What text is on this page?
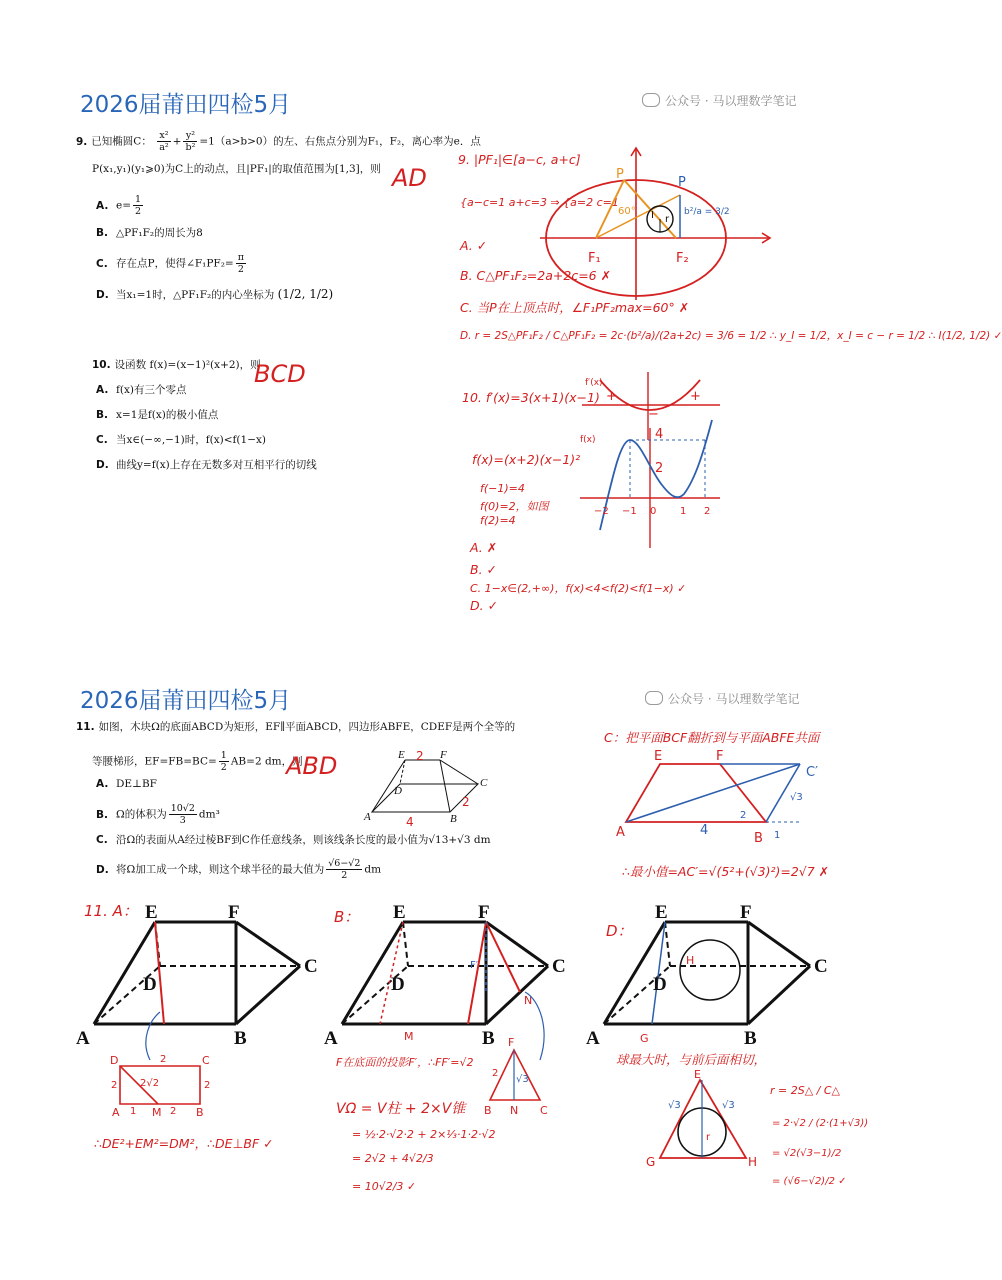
2026届莆田四检5月	公众号 · 马以理数学笔记
9. 已知椭圆C： $\frac{\text{x²}}{\text{a²}} + \frac{\text{y²}}{\text{b²}} =1(a>b>0)$的左、右焦点分别为F₁，F₂，离心率为e．点
P(x₁,y₁)(y₁⩾0)为C上的动点，且|PF₁|的取值范围为[1,3]，则
A. $e= \frac{1}{2}$
B. △PF₁F₂的周长为8
C. 存在点P，使得∠F₁PF₂= $\frac{\pi}{2}$
D. 当x₁=1时，△PF₁F₂的内心坐标为 (1/2, 1/2)
AD
9. |PF₁|∈[a−c, a+c]
{a−c=1 a+c=3 ⇒ {a=2 c=1
A. ✓
B. C△PF₁F₂=2a+2c=6 ✗
C. 当P在上顶点时，∠F₁PF₂max=60° ✗
D. r = 2S△PF₁F₂ / C△PF₁F₂ = 2c·(b²/a)/(2a+2c) = 3/6 = 1/2 ∴ y_I = 1/2，x_I = c − r = 1/2 ∴ I(1/2, 1/2) ✓
F₁	F₂
P
P
60°	b²/a = 3/2
I r
10. 设函数 f(x)=(x−1)²(x+2)，则
A. f(x)有三个零点
B. x=1是f(x)的极小值点
C. 当x∈(−∞,−1)时，f(x)<f(1−x)
D. 曲线y=f(x)上存在无数多对互相平行的切线
BCD
10. f′(x)=3(x+1)(x−1)
f(x)=(x+2)(x−1)²
f(−1)=4
f(0)=2，如图
f(2)=4
A. ✗
B. ✓
C. 1−x∈(2,+∞)，f(x)<4<f(2)<f(1−x) ✓
D. ✓
f′(x)
+
−
+
f(x)	4
2
−2 −1 0 1 2
2026届莆田四检5月	公众号 · 马以理数学笔记
11. 如图，木块Ω的底面ABCD为矩形，EF∥平面ABCD，四边形ABFE，CDEF是两个全等的
等腰梯形，$EF=FB=BC= \frac{1}{2} AB=2$ dm，则
A. DE⊥BF
B. Ω的体积为 $\frac{10√2}{3} dm^3$
C. 沿Ω的表面从A经过棱BF到C作任意线条，则该线条长度的最小值为√13+√3 dm
D. 将Ω加工成一个球，则这个球半径的最大值为 $\frac{√6-√2}{2}$ dm
ABD	E	F
D
C
A	B
2
2
4
C：把平面BCF翻折到与平面ABFE共面
E	F
A	B
C′
4	1
√3
2
∴最小值=AC′=√(5²+(√3)²)=2√7 ✗
E	F
D
C
A	B
E	F
D
C
A	B
M
N
F′
E	F
D
C
A	B
G
H
11. A：	B：
D：
D	C
A	M	B
2
1	2
2√2	2
2
∴DE²+EM²=DM²，∴DE⊥BF ✓
F在底面的投影F′，∴FF′=√2
VΩ = V柱 + 2×V锥
= ½·2·√2·2 + 2×⅓·1·2·√2
= 2√2 + 4√2/3
= 10√2/3 ✓
F
B N C
√3
2
球最大时，与前后面相切，
E
G	H
√3	√3
r
r = 2S△ / C△
= 2·√2 / (2·(1+√3))
= √2(√3−1)/2
= (√6−√2)/2 ✓
